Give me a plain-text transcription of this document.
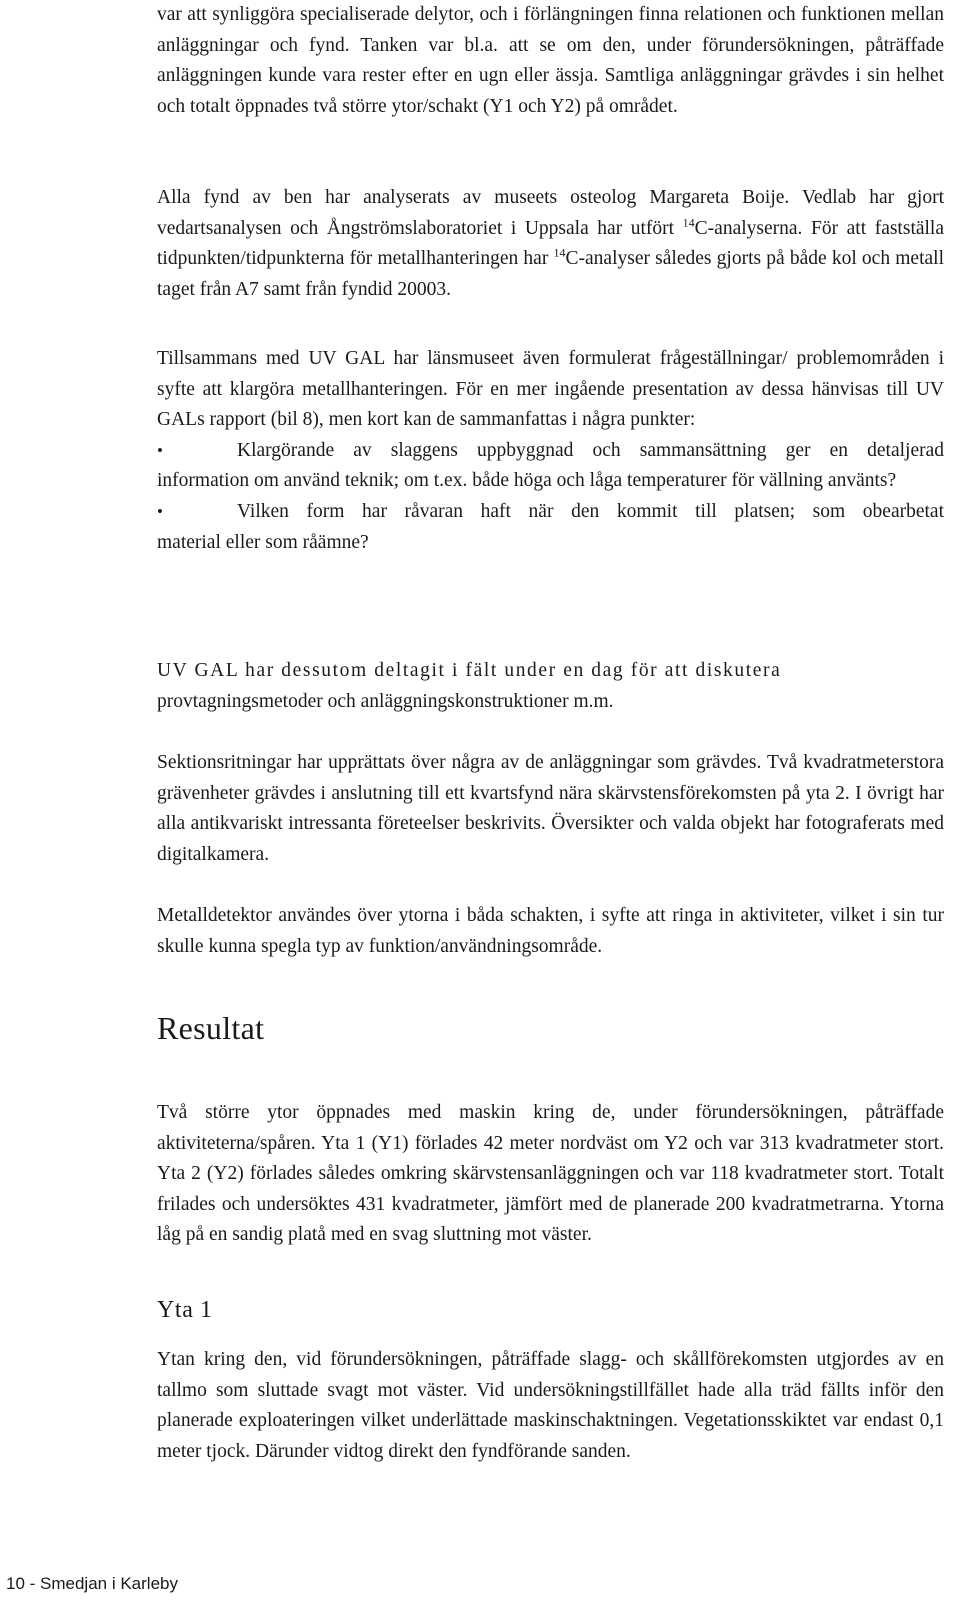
var att synliggöra specialiserade delytor, och i förlängningen finna relationen och funktionen mellan anläggningar och fynd. Tanken var bl.a. att se om den, under förundersökningen, påträffade anläggningen kunde vara rester efter en ugn eller ässja. Samtliga anläggningar grävdes i sin helhet och totalt öppnades två större ytor/schakt (Y1 och Y2) på området.

Alla fynd av ben har analyserats av museets osteolog Margareta Boije. Vedlab har gjort vedartsanalysen och Ångströmslaboratoriet i Uppsala har utfört $^{14}$C-analyserna. För att fastställa tidpunkten/tidpunkterna för metallhanteringen har $^{14}$C-analyser således gjorts på både kol och metall taget från A7 samt från fyndid 20003.

Tillsammans med UV GAL har länsmuseet även formulerat frågeställningar/ problemområden i syfte att klargöra metallhanteringen. För en mer ingående presentation av dessa hänvisas till UV GALs rapport (bil 8), men kort kan de sammanfattas i några punkter:
•	Klargörande av slaggens uppbyggnad och sammansättning ger en detaljerad
information om använd teknik; om t.ex. både höga och låga temperaturer för vällning använts?
•	Vilken form har råvaran haft när den kommit till platsen; som obearbetat
material eller som råämne?
UV GAL har dessutom deltagit i fält under en dag för att diskutera
provtagningsmetoder och anläggningskonstruktioner m.m.

Sektionsritningar har upprättats över några av de anläggningar som grävdes. Två kvadratmeterstora grävenheter grävdes i anslutning till ett kvartsfynd nära skärvstensförekomsten på yta 2. I övrigt har alla antikvariskt intressanta företeelser beskrivits. Översikter och valda objekt har fotograferats med digitalkamera.

Metalldetektor användes över ytorna i båda schakten, i syfte att ringa in aktiviteter, vilket i sin tur skulle kunna spegla typ av funktion/användningsområde.

Resultat

Två större ytor öppnades med maskin kring de, under förundersökningen, påträffade aktiviteterna/spåren. Yta 1 (Y1) förlades 42 meter nordväst om Y2 och var 313 kvadratmeter stort. Yta 2 (Y2) förlades således omkring skärvstensanläggningen och var 118 kvadratmeter stort. Totalt frilades och undersöktes 431 kvadratmeter, jämfört med de planerade 200 kvadratmetrarna. Ytorna låg på en sandig platå med en svag sluttning mot väster.

Yta 1

Ytan kring den, vid förundersökningen, påträffade slagg- och skållförekomsten utgjordes av en tallmo som sluttade svagt mot väster. Vid undersökningstillfället hade alla träd fällts inför den planerade exploateringen vilket underlättade maskinschaktningen. Vegetationsskiktet var endast 0,1 meter tjock. Därunder vidtog direkt den fyndförande sanden.

10 - Smedjan i Karleby
